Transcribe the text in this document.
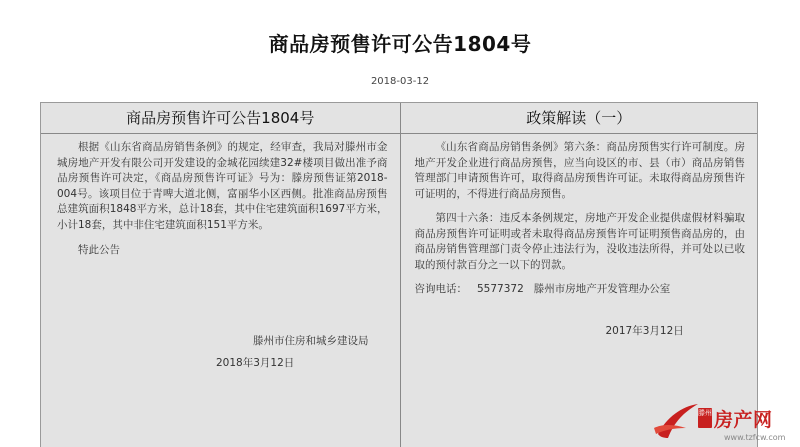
商品房预售许可公告1804号
2018-03-12
商品房预售许可公告1804号

根据《山东省商品房销售条例》的规定，经审查，我局对滕州市金城房地产开发有限公司开发建设的金城花园续建32#楼项目做出准予商品房预售许可决定，《商品房预售许可证》号为：滕房预售证第2018-004号。该项目位于青啤大道北侧，富丽华小区西侧。批准商品房预售总建筑面积1848平方米，总计18套，其中住宅建筑面积1697平方米，小计18套，其中非住宅建筑面积151平方米。

特此公告

滕州市住房和城乡建设局
2018年3月12日
政策解读（一）

《山东省商品房销售条例》第六条：商品房预售实行许可制度。房地产开发企业进行商品房预售，应当向设区的市、县（市）商品房销售管理部门申请预售许可，取得商品房预售许可证。未取得商品房预售许可证明的，不得进行商品房预售。

第四十六条：违反本条例规定，房地产开发企业提供虚假材料骗取商品房预售许可证明或者未取得商品房预售许可证明预售商品房的，由商品房销售管理部门责令停止违法行为，没收违法所得，并可处以已收取的预付款百分之一以下的罚款。

咨询电话： 5577372 滕州市房地产开发管理办公室
2017年3月12日
滕州 房产网
www.tzfcw.com
